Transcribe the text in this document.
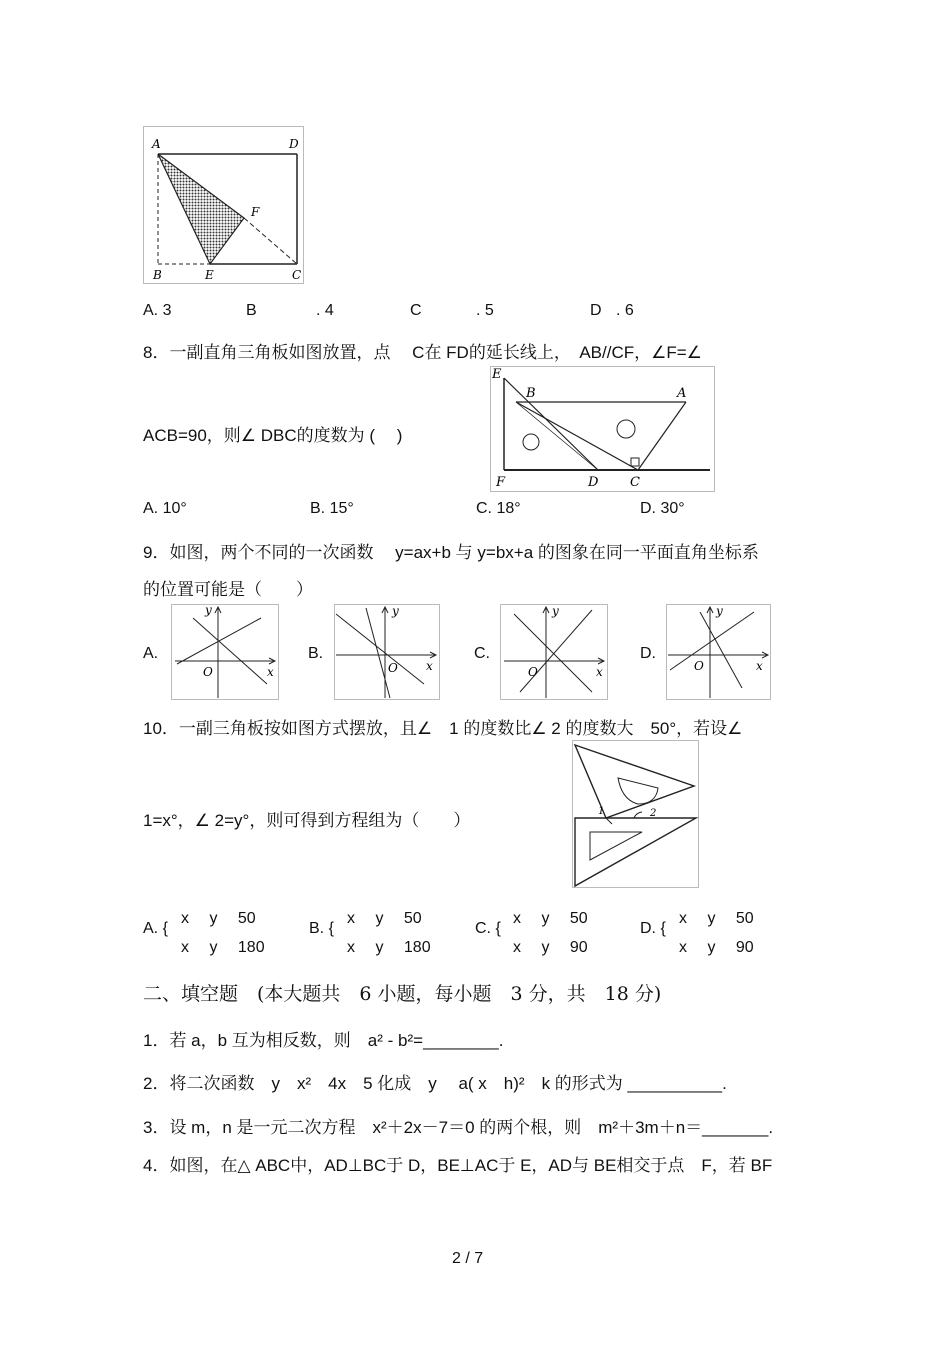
A	D
F
B	E	C
A. 3	B	. 4	C	. 5	D . 6
8．一副直角三角板如图放置，点　 C在 FD的延长线上，　AB//CF，∠F=∠
E
B	A
F	D C
ACB=90，则∠ DBC的度数为 (　 )
A. 10°	B. 15°	C. 18°	D. 30°
9．如图，两个不同的一次函数　 y=ax+b 与 y=bx+a 的图象在同一平面直角坐标系
的位置可能是（　　）
A.
y
x
O
B.
y
x
O
C.
y
x
O
D.
y
x
O
10．一副三角板按如图方式摆放，且∠　1 的度数比∠ 2 的度数大　50°，若设∠
1	2
1=x°，∠ 2=y°，则可得到方程组为（　　）
A. {
x　 y　 50
x　 y　 180
B. {
x　 y　 50
x　 y　 180
C. {
x　 y　 50
x　 y　 90
D. {
x　 y　 50
x　 y　 90
二、填空题　(本大题共　6 小题，每小题　3 分，共　18 分)
1．若 a，b 互为相反数，则　a² - b²=________.
2．将二次函数　y　x²　4x　5 化成　y　 a( x　h)²　k 的形式为 __________.
3．设 m，n 是一元二次方程　x²＋2x－7＝0 的两个根，则　m²＋3m＋n＝_______.
4．如图，在△ ABC中，AD⊥BC于 D，BE⊥AC于 E，AD与 BE相交于点　F，若 BF
2 / 7
